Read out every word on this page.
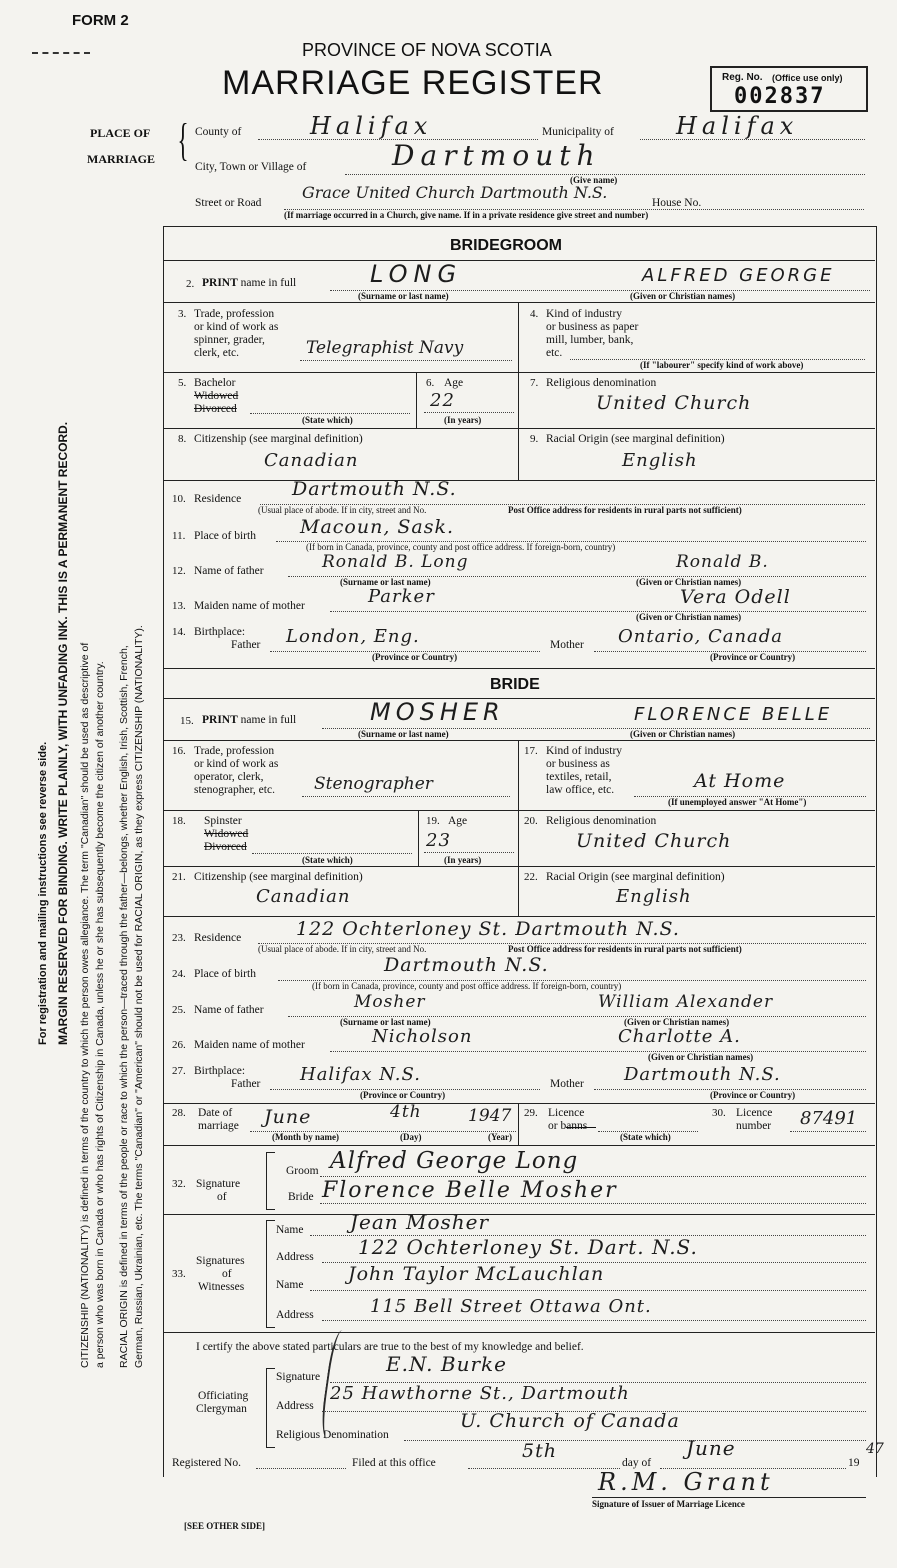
FORM 2
PROVINCE OF NOVA SCOTIA
MARRIAGE REGISTER	Reg. No. (Office use only)
002837
PLACE OF
MARRIAGE { County of	Halifax	Municipality of	Halifax
City, Town or Village of	Dartmouth
(Give name)
Street or Road
Grace United Church Dartmouth N.S.
House No.
(If marriage occurred in a Church, give name. If in a private residence give street and number)
For registration and mailing instructions see reverse side. MARGIN RESERVED FOR BINDING. WRITE PLAINLY, WITH UNFADING INK. THIS IS A PERMANENT RECORD. CITIZENSHIP (NATIONALITY) is defined in terms of the country to which the person owes allegiance. The term "Canadian" should be used as descriptive of a person who was born in Canada or who has rights of Citizenship in Canada, unless he or she has subsequently become the citizen of another country. RACIAL ORIGIN is defined in terms of the people or race to which the person—traced through the father—belongs, whether English, Irish, Scottish, French, German, Russian, Ukrainian, etc. The terms "Canadian" or "American" should not be used for RACIAL ORIGIN, as they express CITIZENSHIP (NATIONALITY).
BRIDEGROOM
2. PRINT name in full	LONG	ALFRED GEORGE
(Surname or last name)	(Given or Christian names)
3. Trade, profession
or kind of work as
spinner, grader,
clerk, etc.	Telegraphist Navy
4. Kind of industry
or business as paper
mill, lumber, bank,
etc.
(If "labourer" specify kind of work above)
5. Bachelor
Widowed
Divorced
(State which)
6. Age
22
(In years)
7. Religious denomination
United Church
8. Citizenship (see marginal definition)
Canadian
9. Racial Origin (see marginal definition)
English
10. Residence	Dartmouth N.S.
(Usual place of abode. If in city, street and No.	Post Office address for residents in rural parts not sufficient)
11. Place of birth Macoun, Sask.
(If born in Canada, province, county and post office address. If foreign-born, country)
12. Name of father	Ronald B. Long	Ronald B.
(Surname or last name)	(Given or Christian names)
13. Maiden name of mother	Parker	Vera Odell
(Given or Christian names)
14. Birthplace:
Father London, Eng.
(Province or Country)
Mother Ontario, Canada
(Province or Country)
BRIDE
15. PRINT name in full	MOSHER	FLORENCE BELLE
(Surname or last name)	(Given or Christian names)
16. Trade, profession
or kind of work as
operator, clerk,
stenographer, etc. Stenographer
17. Kind of industry
or business as
textiles, retail,
law office, etc.	At Home
(If unemployed answer "At Home")
18. Spinster
Widowed
Divorced
(State which)
19. Age
23
(In years)
20. Religious denomination
United Church
21. Citizenship (see marginal definition)
Canadian
22. Racial Origin (see marginal definition)
English
23. Residence	122 Ochterloney St. Dartmouth N.S.
(Usual place of abode. If in city, street and No.	Post Office address for residents in rural parts not sufficient)
24. Place of birth	Dartmouth N.S.
(If born in Canada, province, county and post office address. If foreign-born, country)
25. Name of father	Mosher	William Alexander
(Surname or last name)	(Given or Christian names)
26. Maiden name of mother	Nicholson	Charlotte A.
(Given or Christian names)
27. Birthplace:
Father Halifax N.S.
(Province or Country)
Mother Dartmouth N.S.
(Province or Country)
28. Date of
marriage June	4th	1947
(Month by name)	(Day)	(Year)
29. Licence
or banns
(State which)
30. Licence
number 87491
32. Signature
of
Groom Alfred George Long
Bride Florence Belle Mosher
33.
Signatures
of
Witnesses
Name Jean Mosher
Address 122 Ochterloney St. Dart. N.S.
Name John Taylor McLauchlan
Address	115 Bell Street Ottawa Ont.
I certify the above stated particulars are true to the best of my knowledge and belief.
Officiating
Clergyman
Signature
E.N. Burke
Address
25 Hawthorne St., Dartmouth
Religious Denomination
U. Church of Canada
Registered No.	Filed at this office
5th
day of
June
19
47
R.M. Grant
Signature of Issuer of Marriage Licence
[SEE OTHER SIDE]
